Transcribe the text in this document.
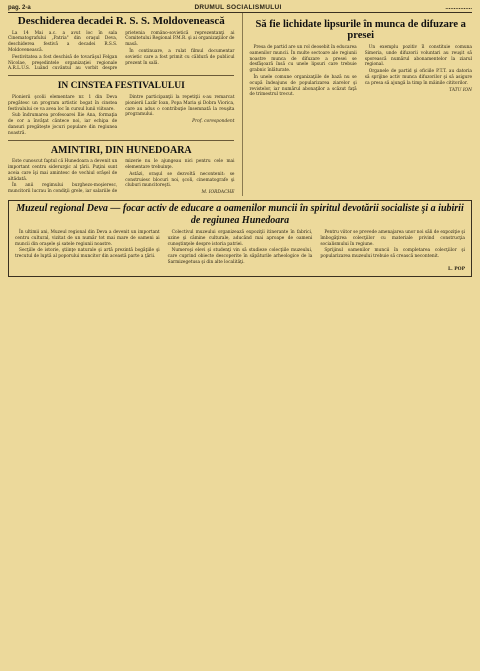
pag. 2-a	DRUMUL SOCIALISMULUI	................
Deschiderea decadei R. S. S. Moldovenească

La 14 Mai a.c. a avut loc în sala Cinematografului „Patria" din oraşul Deva, deschiderea festivă a decadei R.S.S. Moldovenească.

Festivitatea a fost deschisă de tovarăşul Felgan Nicolae, preşedintele organizaţiei regionale A.R.L.U.S. Luând cuvântul au vorbit despre prietenia româno-sovietică reprezentanţi ai Comitetului Regional P.M.R. şi ai organizaţiilor de masă.

În continuare, a rulat filmul documentar sovietic care a fost primit cu căldură de publicul prezent în sală.

IN CINSTEA FESTIVALULUI

Pionierii şcolii elementare nr. 1 din Deva pregătesc un program artistic bogat în cinstea festivalului ce va avea loc în cursul lunii viitoare.

Sub îndrumarea profesoarei Ilie Ana, formaţia de cor a învăţat cântece noi, iar echipa de dansuri pregăteşte jocuri populare din regiunea noastră.

Dintre participanţii la repetiţii s-au remarcat pionierii Lazăr Ioan, Popa Maria şi Dobra Viorica, care au adus o contribuţie însemnată la reuşita programului.

Prof. corespondent
AMINTIRI, DIN HUNEDOARA

Este cunoscut faptul că Hunedoara a devenit un important centru siderurgic al ţării. Puţini sunt aceia care îşi mai amintesc de vechiul orăşel de altădată.

În anii regimului burghezo-moşieresc, muncitorii lucrau în condiţii grele, iar salariile de mizerie nu le ajungeau nici pentru cele mai elementare trebuinţe.

Astăzi, oraşul se dezvoltă necontenit: se construiesc blocuri noi, şcoli, cinematografe şi cluburi muncitoreşti.

M. IORDACHE
Să fie lichidate lipsurile în munca de difuzare a presei

Presa de partid are un rol deosebit în educarea oamenilor muncii. În multe sectoare ale regiunii noastre munca de difuzare a presei se desfăşoară însă cu unele lipsuri care trebuie grabnic înlăturate.

În unele comune organizaţiile de bază nu se ocupă îndeajuns de popularizarea ziarelor şi revistelor, iar numărul abonaţilor a scăzut faţă de trimestrul trecut.

Un exemplu pozitiv îl constituie comuna Simeria, unde difuzorii voluntari au reuşit să sporească numărul abonamentelor la ziarul regional.

Organele de partid şi oficiile P.T.T. au datoria să sprijine activ munca difuzorilor şi să asigure ca presa să ajungă la timp în mâinile cititorilor.

TATU ION
Muzeul regional Deva — focar activ de educare a oamenilor muncii în spiritul devotării socialiste şi a iubirii de regiunea Hunedoara

În ultimii ani, Muzeul regional din Deva a devenit un important centru cultural, vizitat de un număr tot mai mare de oameni ai muncii din oraşele şi satele regiunii noastre.

Secţiile de istorie, ştiinţe naturale şi artă prezintă bogăţiile şi trecutul de luptă al poporului muncitor din această parte a ţării.

Colectivul muzeului organizează expoziţii itinerante în fabrici, uzine şi cămine culturale, aducând mai aproape de oameni cunoştinţele despre istoria patriei.

Numeroşi elevi şi studenţi vin să studieze colecţiile muzeului, care cuprind obiecte descoperite în săpăturile arheologice de la Sarmizegetusa şi din alte localităţi.

Pentru viitor se prevede amenajarea unor noi săli de expoziţie şi îmbogăţirea colecţiilor cu materiale privind construcţia socialismului în regiune.

Sprijinul oamenilor muncii în completarea colecţiilor şi popularizarea muzeului trebuie să crească necontenit.

L. POP
